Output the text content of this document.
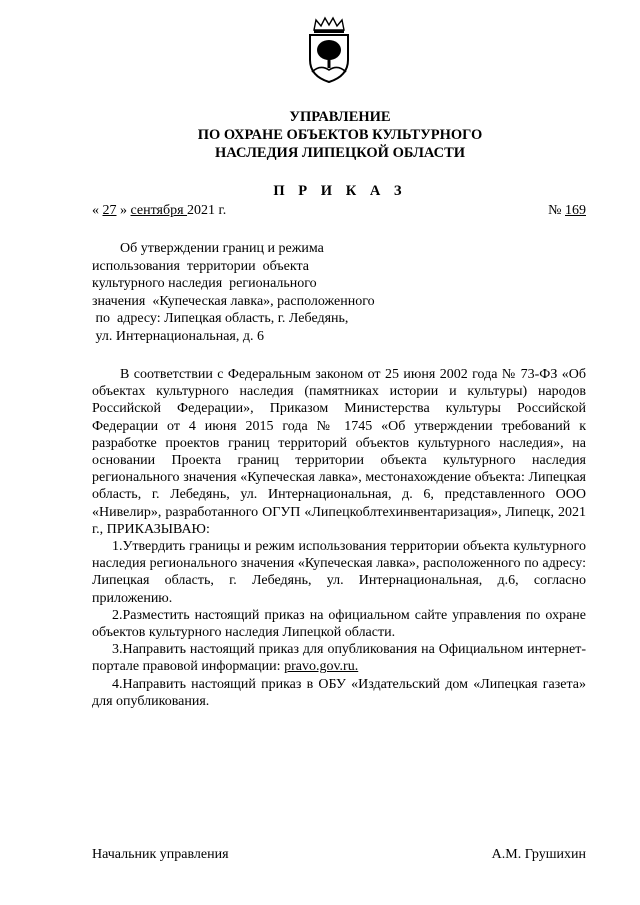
УПРАВЛЕНИЕ
ПО ОХРАНЕ ОБЪЕКТОВ КУЛЬТУРНОГО
НАСЛЕДИЯ ЛИПЕЦКОЙ ОБЛАСТИ
П Р И К А З
« 27 » сентября 2021 г.	№ 169
Об утверждении границ и режима
использования  территории  объекта
культурного наследия  регионального
значения  «Купеческая лавка», расположенного
по  адресу: Липецкая область, г. Лебедянь,
ул. Интернациональная, д. 6

В соответствии с Федеральным законом от 25 июня 2002 года № 73-ФЗ «Об объектах культурного наследия (памятниках истории и культуры) народов Российской Федерации», Приказом Министерства культуры Российской Федерации от 4 июня 2015 года № 1745 «Об утверждении требований к разработке проектов границ территорий объектов культурного наследия», на основании Проекта границ территории объекта культурного наследия регионального значения «Купеческая лавка», местонахождение объекта: Липецкая область, г. Лебедянь, ул. Интернациональная, д. 6, представленного ООО «Нивелир», разработанного ОГУП «Липецкоблтехинвентаризация», Липецк, 2021 г., ПРИКАЗЫВАЮ:

1.Утвердить границы и режим использования территории объекта культурного наследия регионального значения «Купеческая лавка», расположенного по адресу: Липецкая область, г. Лебедянь, ул. Интернациональная, д.6, согласно приложению.

2.Разместить настоящий приказ на официальном сайте управления по охране объектов культурного наследия Липецкой области.

3.Направить настоящий приказ для опубликования на Официальном интернет-портале правовой информации: pravo.gov.ru.

4.Направить настоящий приказ в ОБУ «Издательский дом «Липецкая газета» для опубликования.

Начальник управления	А.М. Грушихин
